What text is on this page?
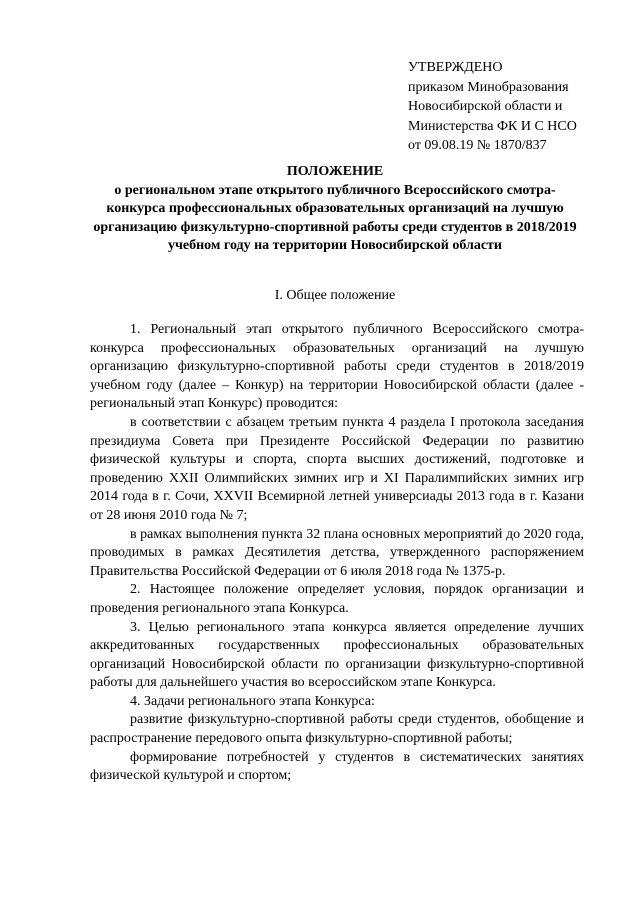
УТВЕРЖДЕНО
приказом Минобразования
Новосибирской области и
Министерства ФК И С НСО
от 09.08.19 № 1870/837
ПОЛОЖЕНИЕ
о региональном этапе открытого публичного Всероссийского смотра-конкурса профессиональных образовательных организаций на лучшую организацию физкультурно-спортивной работы среди студентов в 2018/2019 учебном году на территории Новосибирской области
I. Общее положение

1. Региональный этап открытого публичного Всероссийского смотра-конкурса профессиональных образовательных организаций на лучшую организацию физкультурно-спортивной работы среди студентов в 2018/2019 учебном году (далее – Конкур) на территории Новосибирской области (далее - региональный этап Конкурс) проводится:

в соответствии с абзацем третьим пункта 4 раздела I протокола заседания президиума Совета при Президенте Российской Федерации по развитию физической культуры и спорта, спорта высших достижений, подготовке и проведению XXII Олимпийских зимних игр и XI Паралимпийских зимних игр 2014 года в г. Сочи, XXVII Всемирной летней универсиады 2013 года в г. Казани от 28 июня 2010 года № 7;

в рамках выполнения пункта 32 плана основных мероприятий до 2020 года, проводимых в рамках Десятилетия детства, утвержденного распоряжением Правительства Российской Федерации от 6 июля 2018 года № 1375-р.

2. Настоящее положение определяет условия, порядок организации и проведения регионального этапа Конкурса.

3. Целью регионального этапа конкурса является определение лучших аккредитованных государственных профессиональных образовательных организаций Новосибирской области по организации физкультурно-спортивной работы для дальнейшего участия во всероссийском этапе Конкурса.

4. Задачи регионального этапа Конкурса:

развитие физкультурно-спортивной работы среди студентов, обобщение и распространение передового опыта физкультурно-спортивной работы;

формирование потребностей у студентов в систематических занятиях физической культурой и спортом;
